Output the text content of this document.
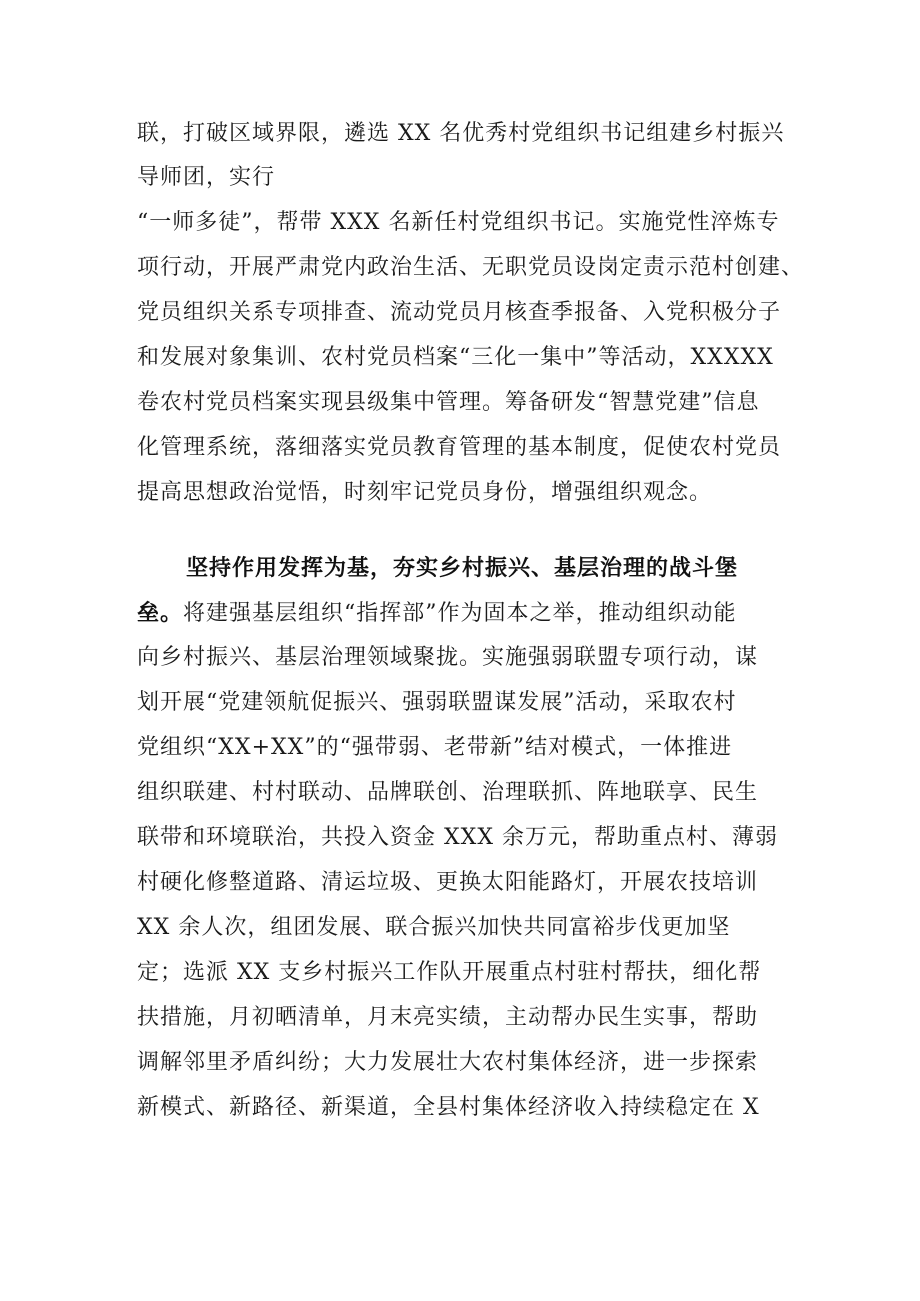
联，打破区域界限，遴选 XX 名优秀村党组织书记组建乡村振兴
导师团，实行
“一师多徒”，帮带 XXX 名新任村党组织书记。实施党性淬炼专
项行动，开展严肃党内政治生活、无职党员设岗定责示范村创建、
党员组织关系专项排查、流动党员月核查季报备、入党积极分子
和发展对象集训、农村党员档案“三化一集中”等活动，XXXXX
卷农村党员档案实现县级集中管理。筹备研发“智慧党建”信息
化管理系统，落细落实党员教育管理的基本制度，促使农村党员
提高思想政治觉悟，时刻牢记党员身份，增强组织观念。
坚持作用发挥为基，夯实乡村振兴、基层治理的战斗堡
垒。将建强基层组织“指挥部”作为固本之举，推动组织动能
向乡村振兴、基层治理领域聚拢。实施强弱联盟专项行动，谋
划开展“党建领航促振兴、强弱联盟谋发展”活动，采取农村
党组织“XX+XX”的“强带弱、老带新”结对模式，一体推进
组织联建、村村联动、品牌联创、治理联抓、阵地联享、民生
联带和环境联治，共投入资金 XXX 余万元，帮助重点村、薄弱
村硬化修整道路、清运垃圾、更换太阳能路灯，开展农技培训
XX 余人次，组团发展、联合振兴加快共同富裕步伐更加坚
定；选派 XX 支乡村振兴工作队开展重点村驻村帮扶，细化帮
扶措施，月初晒清单，月末亮实绩，主动帮办民生实事，帮助
调解邻里矛盾纠纷；大力发展壮大农村集体经济，进一步探索
新模式、新路径、新渠道，全县村集体经济收入持续稳定在 X
